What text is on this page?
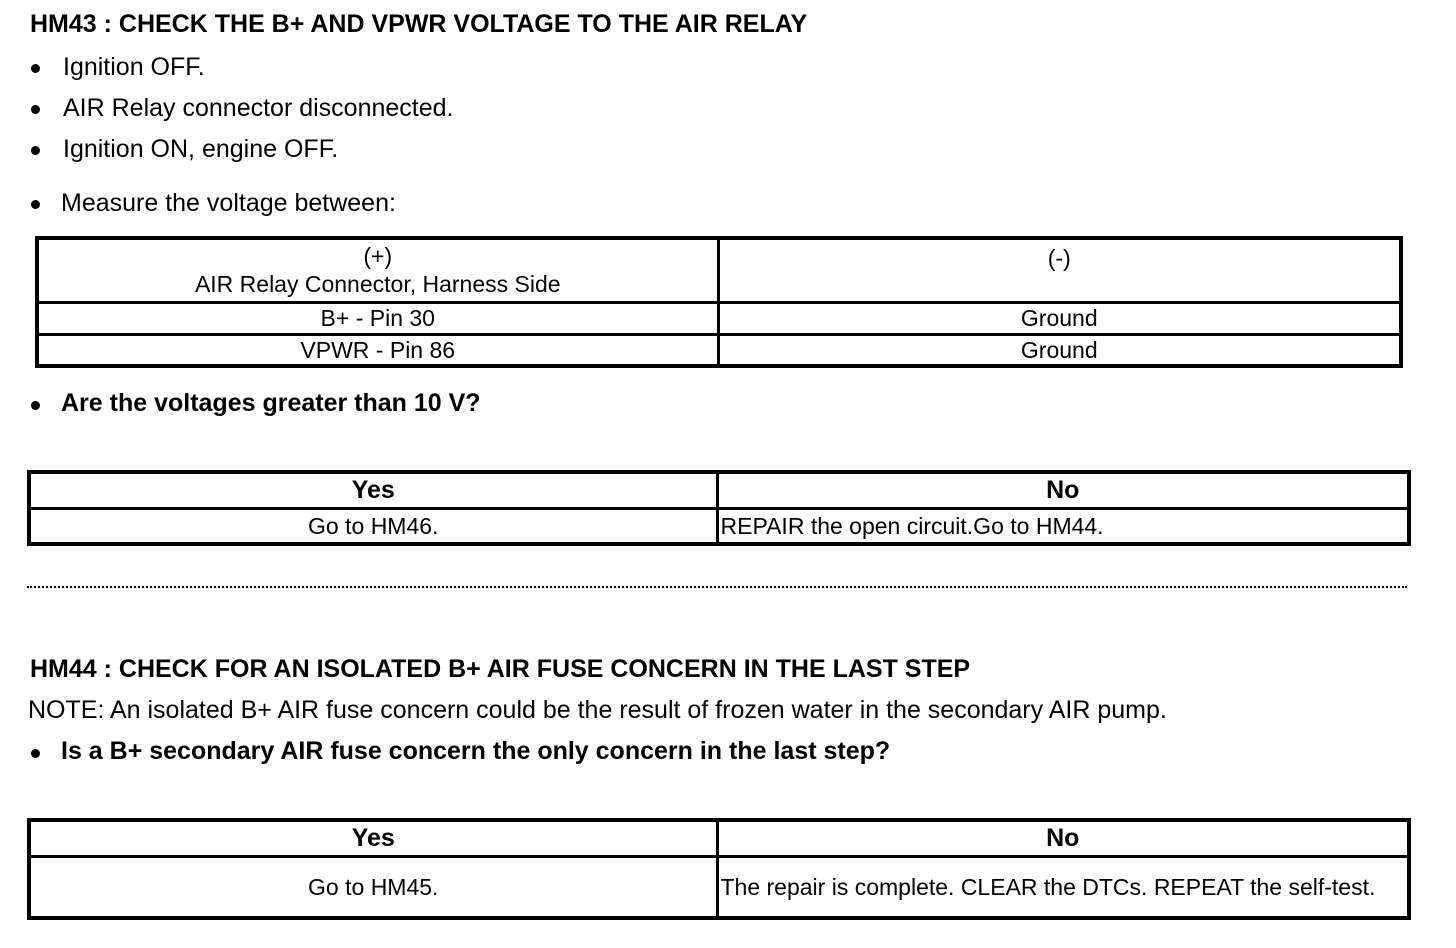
HM43 : CHECK THE B+ AND VPWR VOLTAGE TO THE AIR RELAY
Ignition OFF.
AIR Relay connector disconnected.
Ignition ON, engine OFF.
Measure the voltage between:
(+)
AIR Relay Connector, Harness Side	(-)

B+ - Pin 30	Ground
VPWR - Pin 86	Ground
Are the voltages greater than 10 V?
Yes	No
Go to HM46.	REPAIR the open circuit.Go to HM44.
HM44 : CHECK FOR AN ISOLATED B+ AIR FUSE CONCERN IN THE LAST STEP
NOTE: An isolated B+ AIR fuse concern could be the result of frozen water in the secondary AIR pump.
Is a B+ secondary AIR fuse concern the only concern in the last step?
Yes	No
Go to HM45.	The repair is complete. CLEAR the DTCs. REPEAT the self-test.
